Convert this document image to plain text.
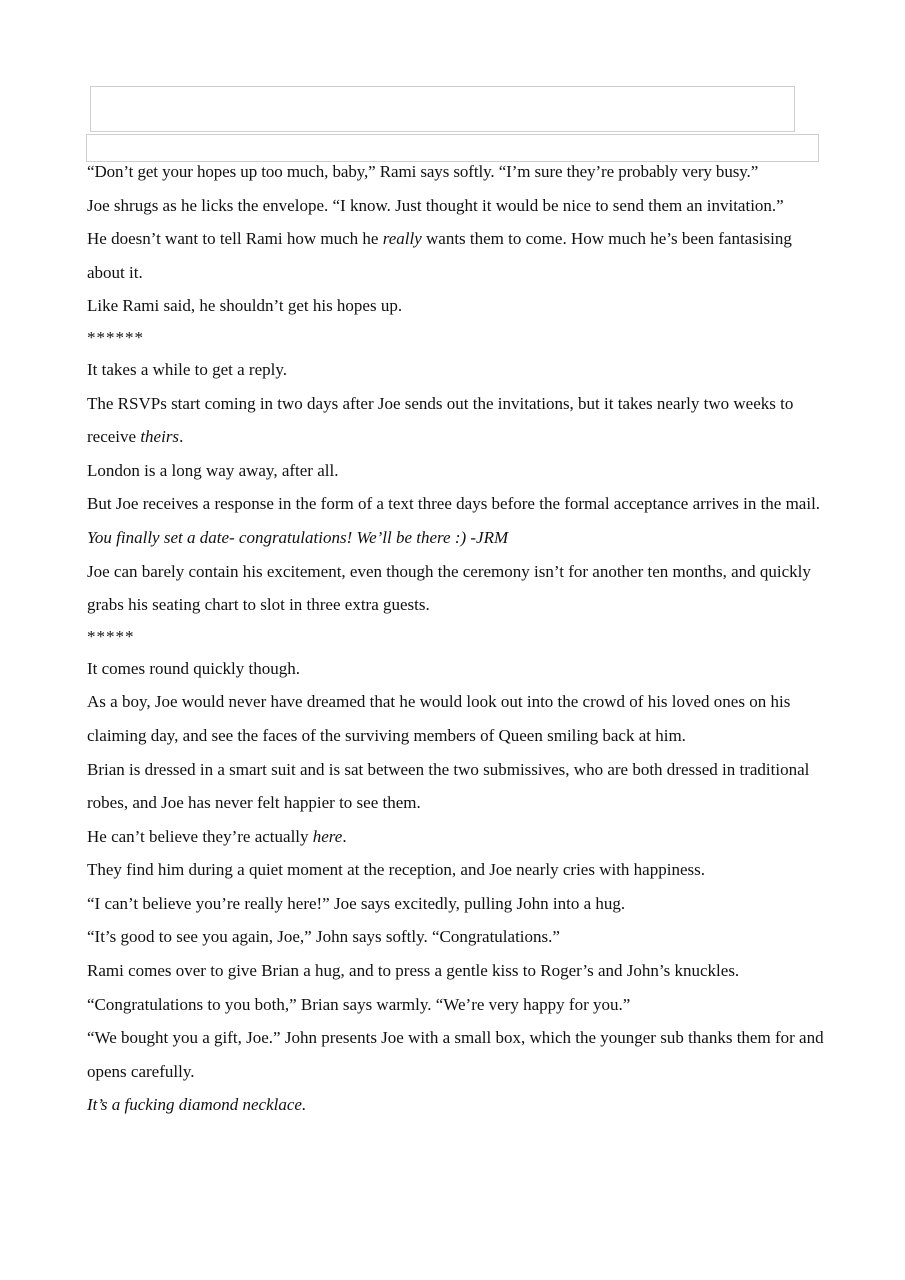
“Don’t get your hopes up too much, baby,” Rami says softly. “I’m sure they’re probably very busy.”

Joe shrugs as he licks the envelope. “I know. Just thought it would be nice to send them an invitation.”

He doesn’t want to tell Rami how much he really wants them to come. How much he’s been fantasising about it.

Like Rami said, he shouldn’t get his hopes up.

******

It takes a while to get a reply.

The RSVPs start coming in two days after Joe sends out the invitations, but it takes nearly two weeks to receive theirs.

London is a long way away, after all.

But Joe receives a response in the form of a text three days before the formal acceptance arrives in the mail.

You finally set a date- congratulations! We’ll be there :) -JRM

Joe can barely contain his excitement, even though the ceremony isn’t for another ten months, and quickly grabs his seating chart to slot in three extra guests.

*****

It comes round quickly though.

As a boy, Joe would never have dreamed that he would look out into the crowd of his loved ones on his claiming day, and see the faces of the surviving members of Queen smiling back at him.

Brian is dressed in a smart suit and is sat between the two submissives, who are both dressed in traditional robes, and Joe has never felt happier to see them.

He can’t believe they’re actually here.

They find him during a quiet moment at the reception, and Joe nearly cries with happiness.

“I can’t believe you’re really here!” Joe says excitedly, pulling John into a hug.

“It’s good to see you again, Joe,” John says softly. “Congratulations.”

Rami comes over to give Brian a hug, and to press a gentle kiss to Roger’s and John’s knuckles.

“Congratulations to you both,” Brian says warmly. “We’re very happy for you.”

“We bought you a gift, Joe.” John presents Joe with a small box, which the younger sub thanks them for and opens carefully.

It’s a fucking diamond necklace.
